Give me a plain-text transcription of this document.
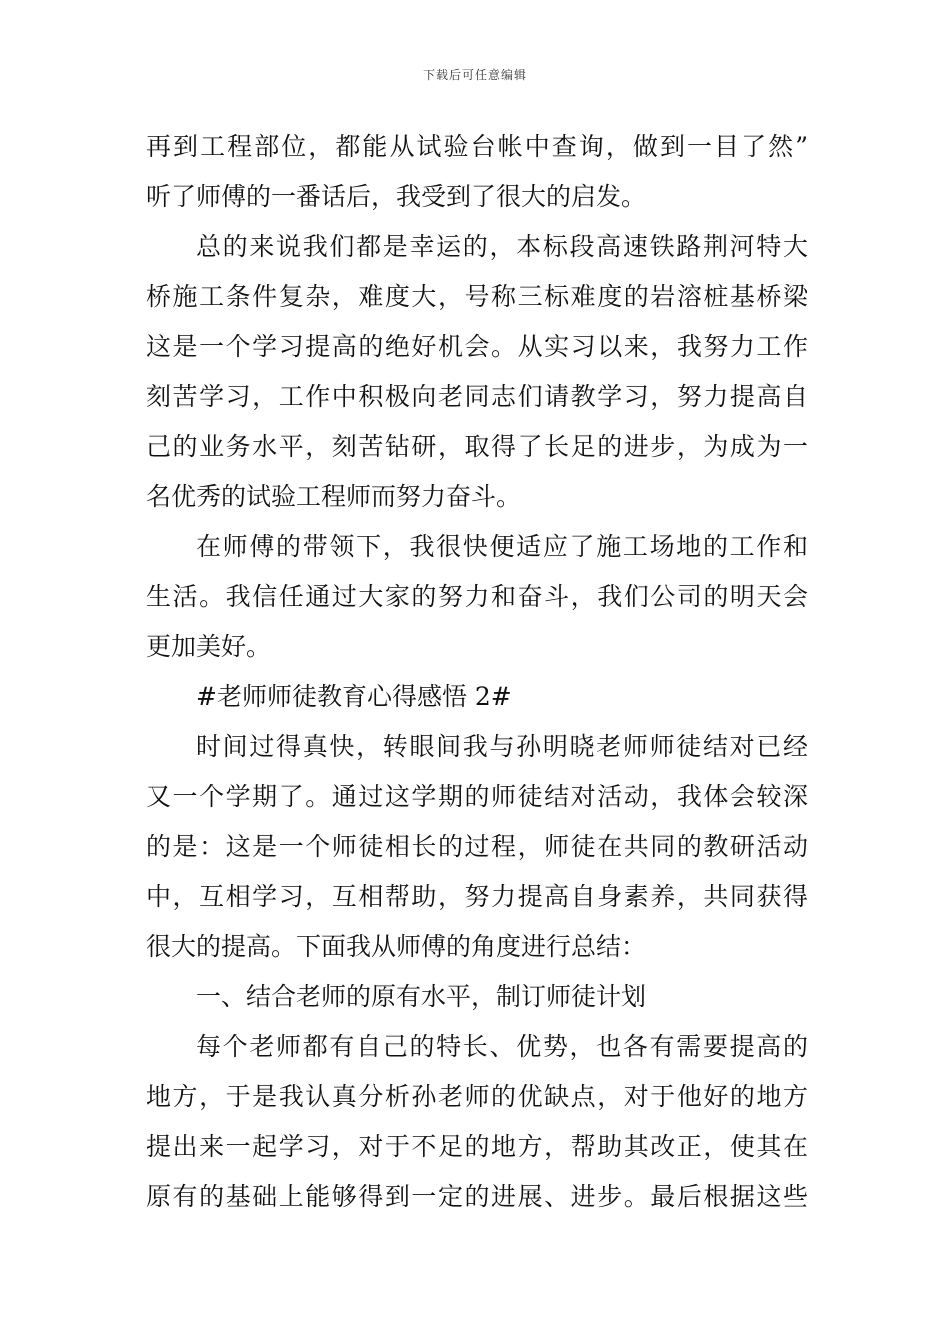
下载后可任意编辑
再到工程部位，都能从试验台帐中查询，做到一目了然”
听了师傅的一番话后，我受到了很大的启发。
总的来说我们都是幸运的，本标段高速铁路荆河特大
桥施工条件复杂，难度大，号称三标难度的岩溶桩基桥梁
这是一个学习提高的绝好机会。从实习以来，我努力工作
刻苦学习，工作中积极向老同志们请教学习，努力提高自
己的业务水平，刻苦钻研，取得了长足的进步，为成为一
名优秀的试验工程师而努力奋斗。
在师傅的带领下，我很快便适应了施工场地的工作和
生活。我信任通过大家的努力和奋斗，我们公司的明天会
更加美好。
#老师师徒教育心得感悟 2#
时间过得真快，转眼间我与孙明晓老师师徒结对已经
又一个学期了。通过这学期的师徒结对活动，我体会较深
的是：这是一个师徒相长的过程，师徒在共同的教研活动
中，互相学习，互相帮助，努力提高自身素养，共同获得
很大的提高。下面我从师傅的角度进行总结：
一、结合老师的原有水平，制订师徒计划
每个老师都有自己的特长、优势，也各有需要提高的
地方，于是我认真分析孙老师的优缺点，对于他好的地方
提出来一起学习，对于不足的地方，帮助其改正，使其在
原有的基础上能够得到一定的进展、进步。最后根据这些
